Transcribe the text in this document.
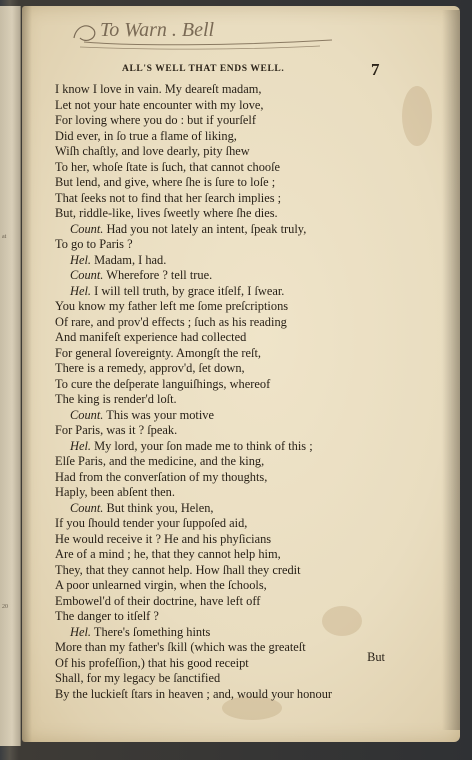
at
20
To Warn . Bell
ALL'S WELL THAT ENDS WELL.	7
I know I love in vain. My deareſt madam,
Let not your hate encounter with my love,
For loving where you do : but if yourſelf
Did ever, in ſo true a flame of liking,
Wiſh chaſtly, and love dearly, pity ſhew
To her, whoſe ſtate is ſuch, that cannot chooſe
But lend, and give, where ſhe is ſure to loſe ;
That ſeeks not to find that her ſearch implies ;
But, riddle-like, lives ſweetly where ſhe dies.
Count. Had you not lately an intent, ſpeak truly,
To go to Paris ?
Hel. Madam, I had.
Count. Wherefore ? tell true.
Hel. I will tell truth, by grace itſelf, I ſwear.
You know my father left me ſome preſcriptions
Of rare, and prov'd effects ; ſuch as his reading
And manifeſt experience had collected
For general ſovereignty. Amongſt the reſt,
There is a remedy, approv'd, ſet down,
To cure the deſperate languiſhings, whereof
The king is render'd loſt.
Count. This was your motive
For Paris, was it ? ſpeak.
Hel. My lord, your ſon made me to think of this ;
Elſe Paris, and the medicine, and the king,
Had from the converſation of my thoughts,
Haply, been abſent then.
Count. But think you, Helen,
If you ſhould tender your ſuppoſed aid,
He would receive it ? He and his phyſicians
Are of a mind ; he, that they cannot help him,
They, that they cannot help. How ſhall they credit
A poor unlearned virgin, when the ſchools,
Embowel'd of their doctrine, have left off
The danger to itſelf ?
Hel. There's ſomething hints
More than my father's ſkill (which was the greateſt
Of his profeſſion,) that his good receipt
Shall, for my legacy be ſanctified
By the luckieſt ſtars in heaven ; and, would your honour
But
